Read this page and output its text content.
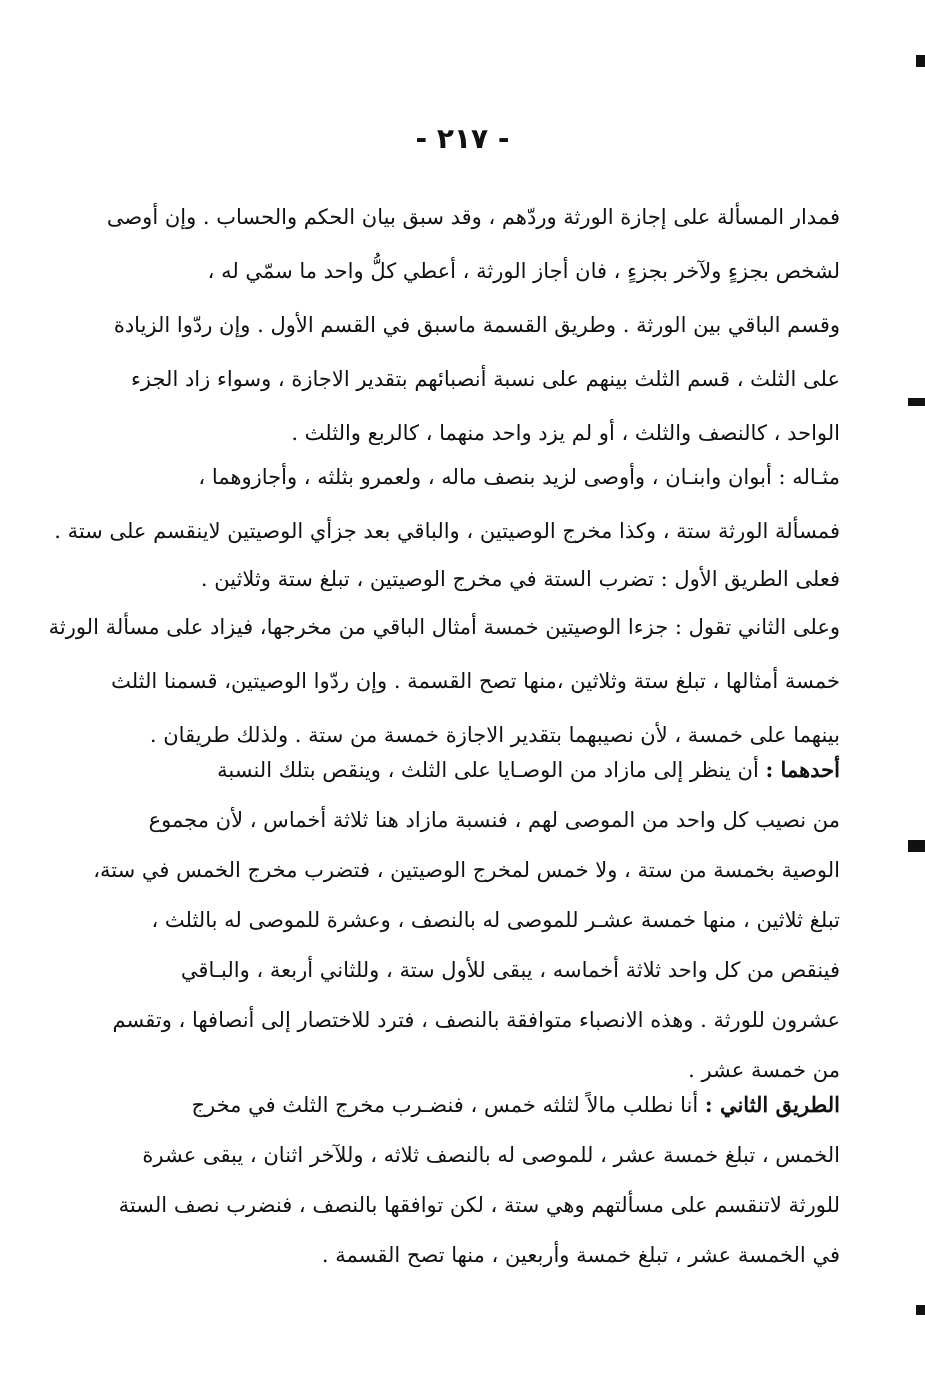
- ٢١٧ -
فمدار المسألة على إجازة الورثة وردّهم ، وقد سبق بيان الحكم والحساب . وإن أوصى
لشخص بجزءٍ ولآخر بجزءٍ ، فان أجاز الورثة ، أعطي كلُّ واحد ما سمّي له ،
وقسم الباقي بين الورثة . وطريق القسمة ماسبق في القسم الأول . وإن ردّوا الزيادة
على الثلث ، قسم الثلث بينهم على نسبة أنصبائهم بتقدير الاجازة ، وسواء زاد الجزء
الواحد ، كالنصف والثلث ، أو لم يزد واحد منهما ، كالربع والثلث .
مثـاله : أبوان وابنـان ، وأوصى لزيد بنصف ماله ، ولعمرو بثلثه ، وأجازوهما ،
فمسألة الورثة ستة ، وكذا مخرج الوصيتين ، والباقي بعد جزأي الوصيتين لاينقسم على ستة .
فعلى الطريق الأول : تضرب الستة في مخرج الوصيتين ، تبلغ ستة وثلاثين .
وعلى الثاني تقول : جزءا الوصيتين خمسة أمثال الباقي من مخرجها، فيزاد على مسألة الورثة
خمسة أمثالها ، تبلغ ستة وثلاثين ،منها تصح القسمة . وإن ردّوا الوصيتين، قسمنا الثلث
بينهما على خمسة ، لأن نصيبهما بتقدير الاجازة خمسة من ستة . ولذلك طريقان .
أحدهما : أن ينظر إلى مازاد من الوصـايا على الثلث ، وينقص بتلك النسبة
من نصيب كل واحد من الموصى لهم ، فنسبة مازاد هنا ثلاثة أخماس ، لأن مجموع
الوصية بخمسة من ستة ، ولا خمس لمخرج الوصيتين ، فتضرب مخرج الخمس في ستة،
تبلغ ثلاثين ، منها خمسة عشـر للموصى له بالنصف ، وعشرة للموصى له بالثلث ،
فينقص من كل واحد ثلاثة أخماسه ، يبقى للأول ستة ، وللثاني أربعة ، والبـاقي
عشرون للورثة . وهذه الانصباء متوافقة بالنصف ، فترد للاختصار إلى أنصافها ، وتقسم
من خمسة عشر .
الطريق الثاني : أنا نطلب مالاً لثلثه خمس ، فنضـرب مخرج الثلث في مخرج
الخمس ، تبلغ خمسة عشر ، للموصى له بالنصف ثلاثه ، وللآخر اثنان ، يبقى عشرة
للورثة لاتنقسم على مسألتهم وهي ستة ، لكن توافقها بالنصف ، فنضرب نصف الستة
في الخمسة عشر ، تبلغ خمسة وأربعين ، منها تصح القسمة .
